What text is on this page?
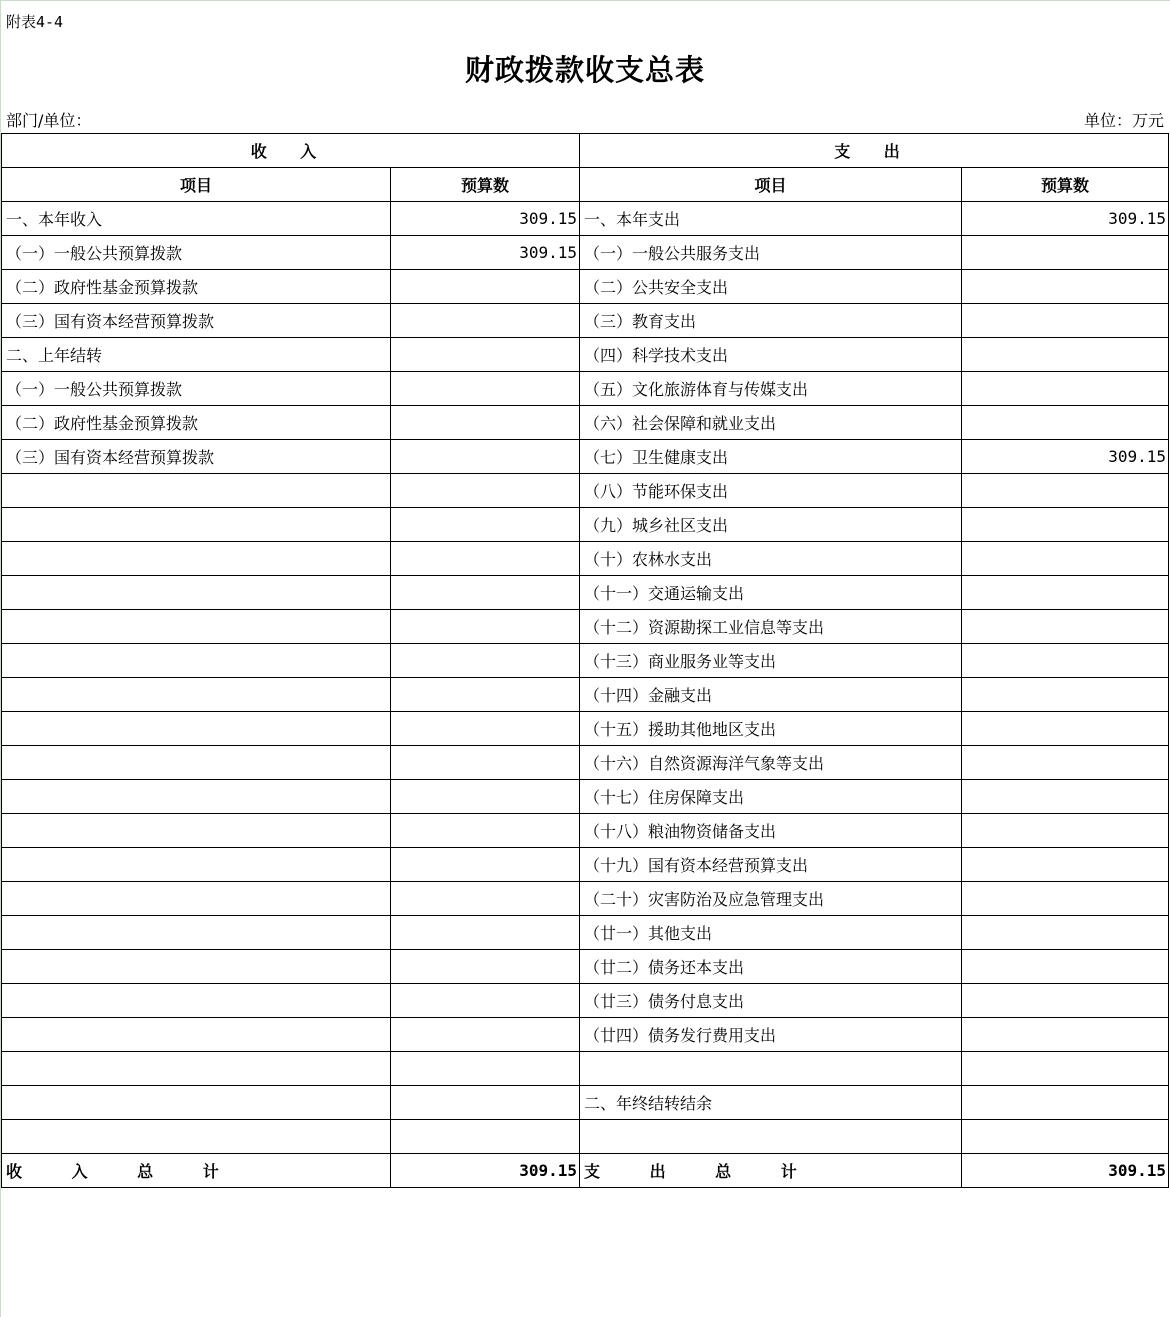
附表4-4
财政拨款收支总表
部门/单位：	单位：万元
收 入		支 出	
项目	预算数	项目	预算数
一、本年收入	309.15	一、本年支出	309.15
（一）一般公共预算拨款	309.15	（一）一般公共服务支出	
（二）政府性基金预算拨款		（二）公共安全支出	
（三）国有资本经营预算拨款		（三）教育支出	
二、上年结转		（四）科学技术支出	
（一）一般公共预算拨款		（五）文化旅游体育与传媒支出	
（二）政府性基金预算拨款		（六）社会保障和就业支出	
（三）国有资本经营预算拨款		（七）卫生健康支出	309.15
		（八）节能环保支出	
		（九）城乡社区支出	
		（十）农林水支出	
		（十一）交通运输支出	
		（十二）资源勘探工业信息等支出	
		（十三）商业服务业等支出	
		（十四）金融支出	
		（十五）援助其他地区支出	
		（十六）自然资源海洋气象等支出	
		（十七）住房保障支出	
		（十八）粮油物资储备支出	
		（十九）国有资本经营预算支出	
		（二十）灾害防治及应急管理支出	
		（廿一）其他支出	
		（廿二）债务还本支出	
		（廿三）债务付息支出	
		（廿四）债务发行费用支出	

		二、年终结转结余	

收 入 总 计	309.15	支 出 总 计	309.15
